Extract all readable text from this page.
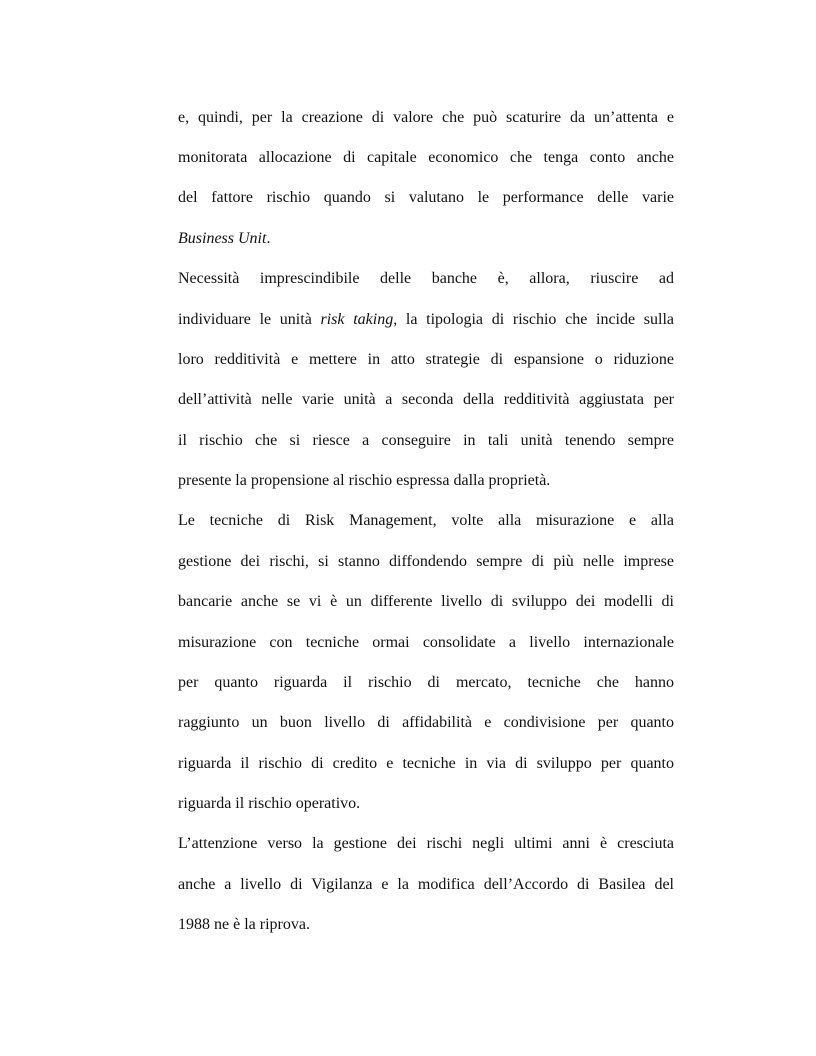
e, quindi, per la creazione di valore che può scaturire da un’attenta e

monitorata allocazione di capitale economico che tenga conto anche

del fattore rischio quando si valutano le performance delle varie

Business Unit.

Necessità imprescindibile delle banche è, allora, riuscire ad

individuare le unità risk taking, la tipologia di rischio che incide sulla

loro redditività e mettere in atto strategie di espansione o riduzione

dell’attività nelle varie unità a seconda della redditività aggiustata per

il rischio che si riesce a conseguire in tali unità tenendo sempre

presente la propensione al rischio espressa dalla proprietà.

Le tecniche di Risk Management, volte alla misurazione e alla

gestione dei rischi, si stanno diffondendo sempre di più nelle imprese

bancarie anche se vi è un differente livello di sviluppo dei modelli di

misurazione con tecniche ormai consolidate a livello internazionale

per quanto riguarda il rischio di mercato, tecniche che hanno

raggiunto un buon livello di affidabilità e condivisione per quanto

riguarda il rischio di credito e tecniche in via di sviluppo per quanto

riguarda il rischio operativo.

L’attenzione verso la gestione dei rischi negli ultimi anni è cresciuta

anche a livello di Vigilanza e la modifica dell’Accordo di Basilea del

1988 ne è la riprova.
